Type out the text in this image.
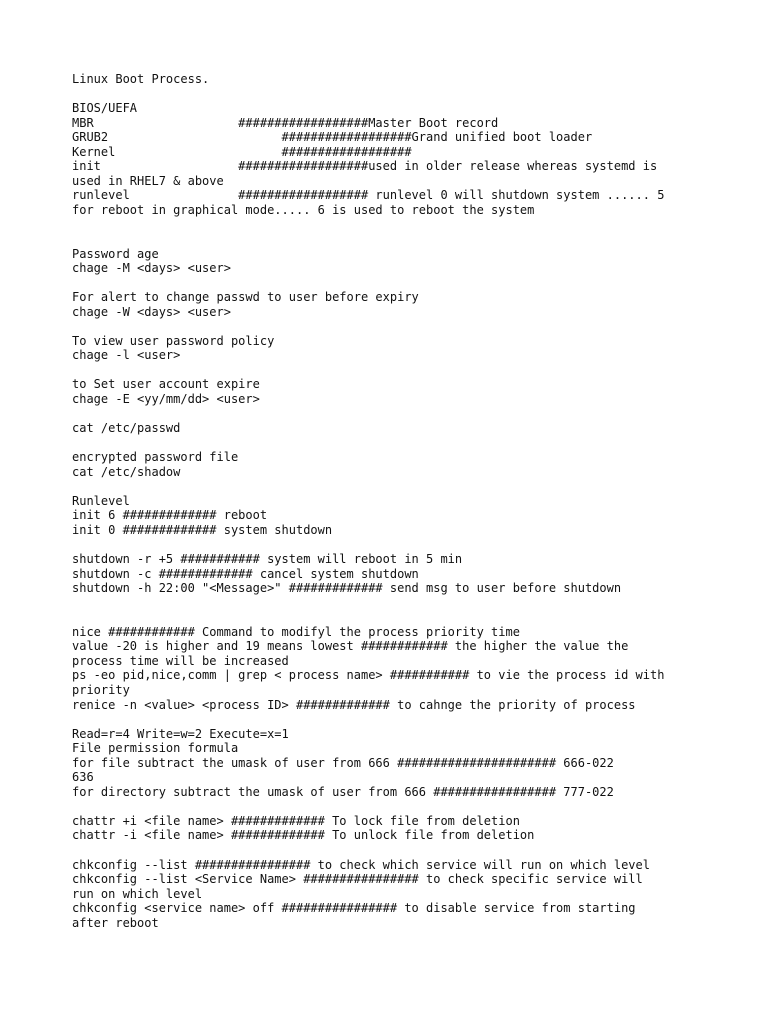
Linux Boot Process.
BIOS/UEFA
MBR                    ##################Master Boot record
GRUB2                        ##################Grand unified boot loader
Kernel                       ##################
init                   ##################used in older release whereas systemd is
used in RHEL7 & above
runlevel               ################## runlevel 0 will shutdown system ...... 5
for reboot in graphical mode..... 6 is used to reboot the system
Password age
chage -M <days> <user>
For alert to change passwd to user before expiry
chage -W <days> <user>
To view user password policy
chage -l <user>
to Set user account expire
chage -E <yy/mm/dd> <user>
cat /etc/passwd
encrypted password file
cat /etc/shadow
Runlevel
init 6 ############# reboot
init 0 ############# system shutdown
shutdown -r +5 ########### system will reboot in 5 min
shutdown -c ############# cancel system shutdown
shutdown -h 22:00 "<Message>" ############# send msg to user before shutdown
nice ############ Command to modifyl the process priority time
value -20 is higher and 19 means lowest ############ the higher the value the
process time will be increased
ps -eo pid,nice,comm | grep < process name> ########### to vie the process id with
priority
renice -n <value> <process ID> ############# to cahnge the priority of process
Read=r=4 Write=w=2 Execute=x=1
File permission formula
for file subtract the umask of user from 666 ###################### 666-022
636
for directory subtract the umask of user from 666 ################# 777-022
chattr +i <file name> ############# To lock file from deletion
chattr -i <file name> ############# To unlock file from deletion
chkconfig --list ################ to check which service will run on which level
chkconfig --list <Service Name> ################ to check specific service will
run on which level
chkconfig <service name> off ################ to disable service from starting
after reboot
